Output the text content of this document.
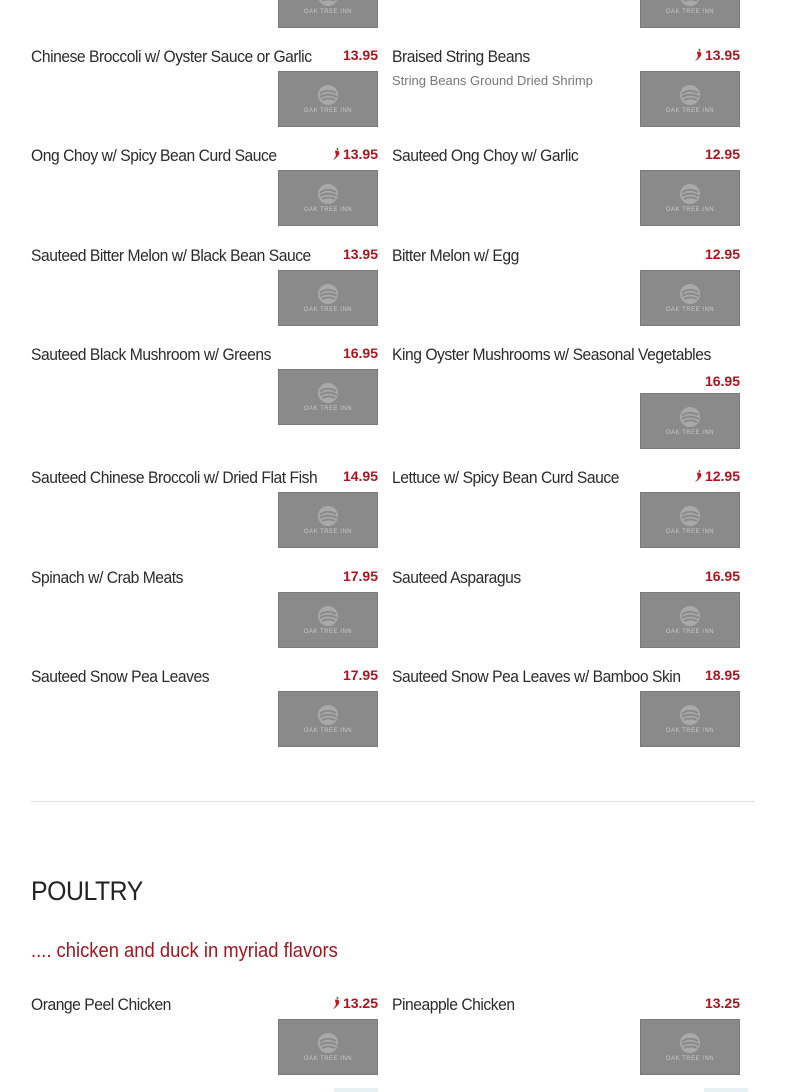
OAK TREE INN	OAK TREE INN
Chinese Broccoli w/ Oyster Sauce or Garlic	13.95
OAK TREE INN
Braised String Beans	13.95
String Beans Ground Dried Shrimp
OAK TREE INN
Ong Choy w/ Spicy Bean Curd Sauce	13.95
OAK TREE INN
Sauteed Ong Choy w/ Garlic	12.95
OAK TREE INN
Sauteed Bitter Melon w/ Black Bean Sauce	13.95
OAK TREE INN
Bitter Melon w/ Egg	12.95
OAK TREE INN
Sauteed Black Mushroom w/ Greens	16.95
OAK TREE INN
King Oyster Mushrooms w/ Seasonal Vegetables
16.95
OAK TREE INN
Sauteed Chinese Broccoli w/ Dried Flat Fish	14.95
OAK TREE INN
Lettuce w/ Spicy Bean Curd Sauce	12.95
OAK TREE INN
Spinach w/ Crab Meats	17.95
OAK TREE INN
Sauteed Asparagus	16.95
OAK TREE INN
Sauteed Snow Pea Leaves	17.95
OAK TREE INN
Sauteed Snow Pea Leaves w/ Bamboo Skin	18.95
OAK TREE INN
POULTRY
.... chicken and duck in myriad flavors
Orange Peel Chicken	13.25
OAK TREE INN
Pineapple Chicken	13.25
OAK TREE INN
